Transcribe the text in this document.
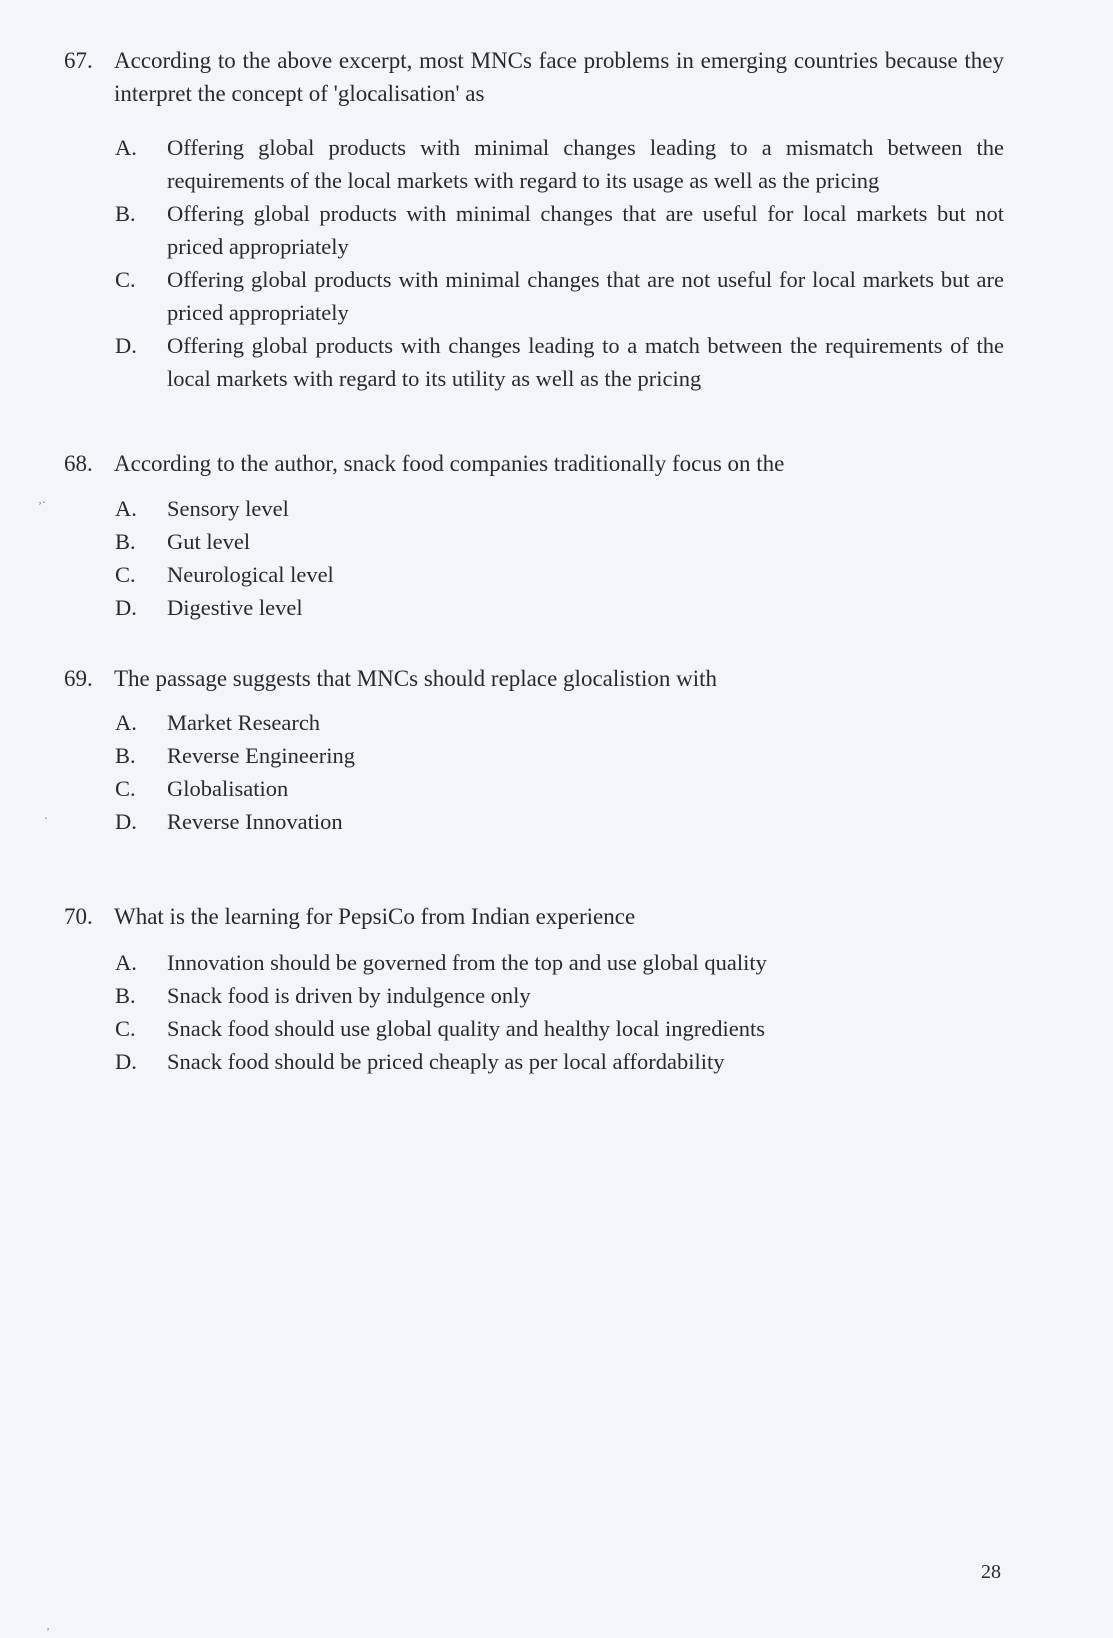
67. According to the above excerpt, most MNCs face problems in emerging countries because they interpret the concept of 'glocalisation' as
A. Offering global products with minimal changes leading to a mismatch between the requirements of the local markets with regard to its usage as well as the pricing
B. Offering global products with minimal changes that are useful for local markets but not priced appropriately
C. Offering global products with minimal changes that are not useful for local markets but are priced appropriately
D. Offering global products with changes leading to a match between the requirements of the local markets with regard to its utility as well as the pricing
68. According to the author, snack food companies traditionally focus on the
A. Sensory level
B. Gut level
C. Neurological level
D. Digestive level
69. The passage suggests that MNCs should replace glocalistion with
A. Market Research
B. Reverse Engineering
C. Globalisation
D. Reverse Innovation
70. What is the learning for PepsiCo from Indian experience
A. Innovation should be governed from the top and use global quality
B. Snack food is driven by indulgence only
C. Snack food should use global quality and healthy local ingredients
D. Snack food should be priced cheaply as per local affordability
28
‚․
․
‚
